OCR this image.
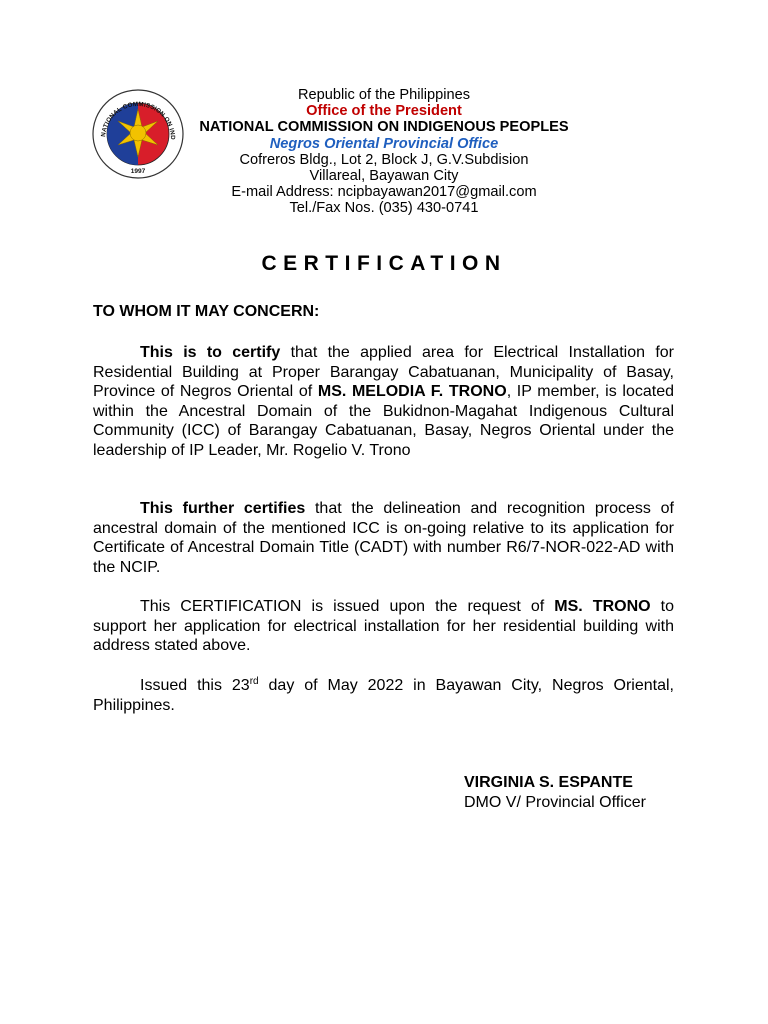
NATIONAL COMMISSION ON IND
1997
Republic of the Philippines
Office of the President
NATIONAL COMMISSION ON INDIGENOUS PEOPLES
Negros Oriental Provincial Office
Cofreros Bldg., Lot 2, Block J, G.V.Subdision
Villareal, Bayawan City
E-mail Address: ncipbayawan2017@gmail.com
Tel./Fax Nos. (035) 430-0741
CERTIFICATION
TO WHOM IT MAY CONCERN:
This is to certify that the applied area for Electrical Installation for Residential Building at Proper Barangay Cabatuanan, Municipality of Basay, Province of Negros Oriental of MS. MELODIA F. TRONO, IP member, is located within the Ancestral Domain of the Bukidnon-Magahat Indigenous Cultural Community (ICC) of Barangay Cabatuanan, Basay, Negros Oriental under the leadership of IP Leader, Mr. Rogelio V. Trono
This further certifies that the delineation and recognition process of ancestral domain of the mentioned ICC is on-going relative to its application for Certificate of Ancestral Domain Title (CADT) with number R6/7-NOR-022-AD with the NCIP.
This CERTIFICATION is issued upon the request of MS. TRONO to support her application for electrical installation for her residential building with address stated above.
Issued this 23rd day of May 2022 in Bayawan City, Negros Oriental, Philippines.
VIRGINIA S. ESPANTE
DMO V/ Provincial Officer
